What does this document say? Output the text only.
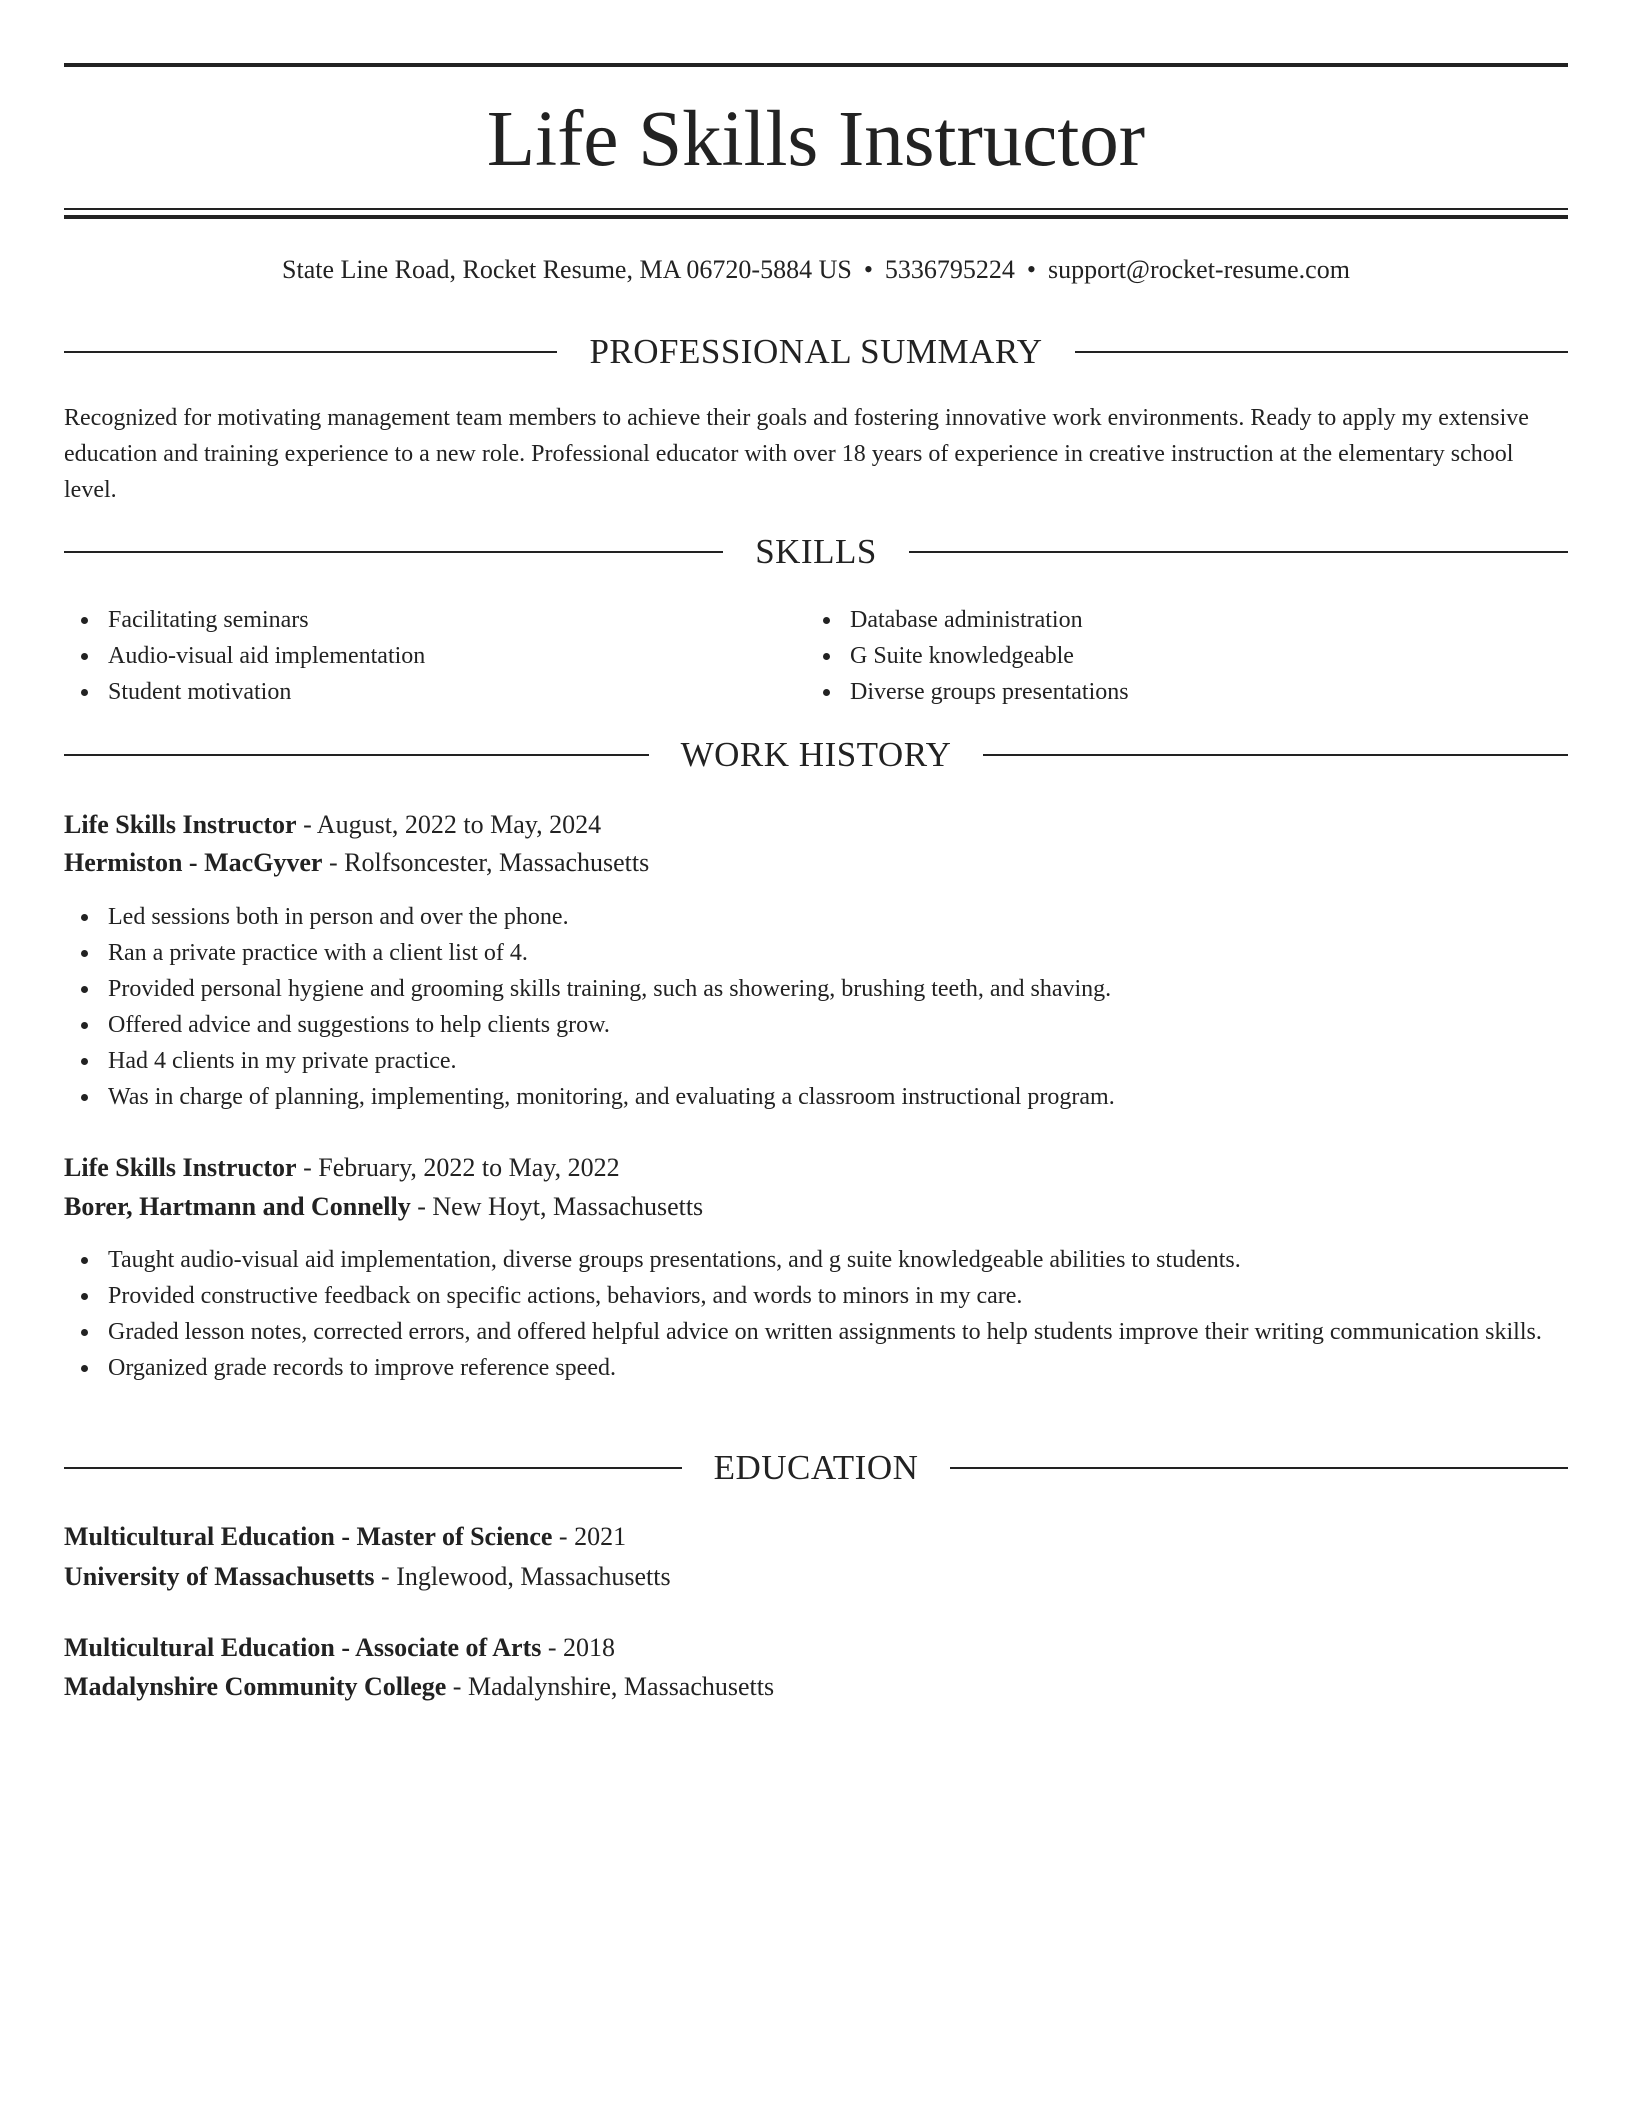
Life Skills Instructor
State Line Road, Rocket Resume, MA 06720-5884 US • 5336795224 • support@rocket-resume.com
PROFESSIONAL SUMMARY

Recognized for motivating management team members to achieve their goals and fostering innovative work environments. Ready to apply my extensive education and training experience to a new role. Professional educator with over 18 years of experience in creative instruction at the elementary school level.

SKILLS
Facilitating seminars
Audio-visual aid implementation
Student motivation
Database administration
G Suite knowledgeable
Diverse groups presentations
WORK HISTORY
Life Skills Instructor - August, 2022 to May, 2024
Hermiston - MacGyver - Rolfsoncester, Massachusetts
Led sessions both in person and over the phone.
Ran a private practice with a client list of 4.
Provided personal hygiene and grooming skills training, such as showering, brushing teeth, and shaving.
Offered advice and suggestions to help clients grow.
Had 4 clients in my private practice.
Was in charge of planning, implementing, monitoring, and evaluating a classroom instructional program.
Life Skills Instructor - February, 2022 to May, 2022
Borer, Hartmann and Connelly - New Hoyt, Massachusetts
Taught audio-visual aid implementation, diverse groups presentations, and g suite knowledgeable abilities to students.
Provided constructive feedback on specific actions, behaviors, and words to minors in my care.
Graded lesson notes, corrected errors, and offered helpful advice on written assignments to help students improve their writing communication skills.
Organized grade records to improve reference speed.
EDUCATION
Multicultural Education - Master of Science - 2021
University of Massachusetts - Inglewood, Massachusetts
Multicultural Education - Associate of Arts - 2018
Madalynshire Community College - Madalynshire, Massachusetts
